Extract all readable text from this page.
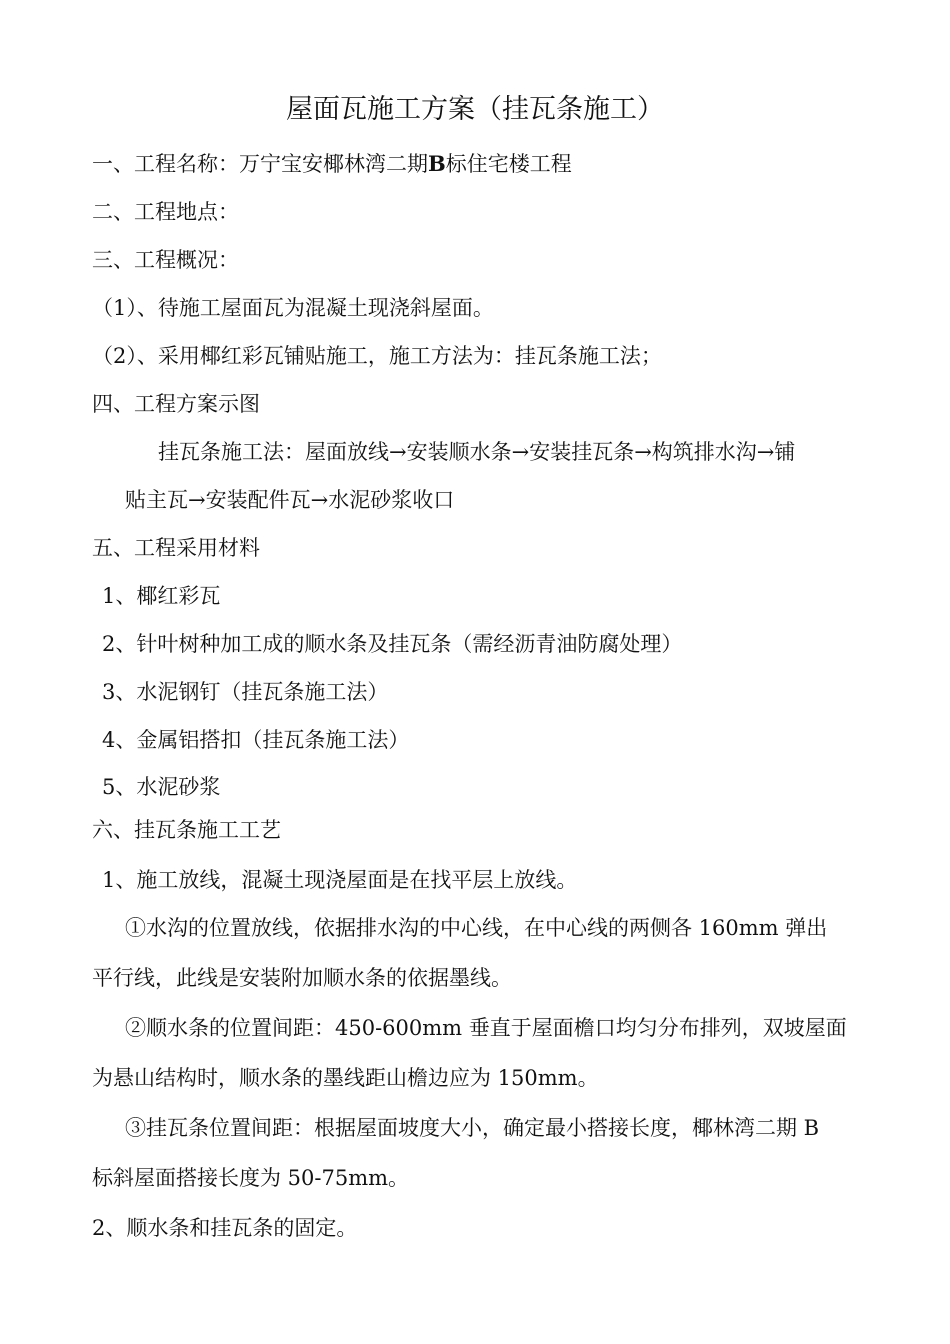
屋面瓦施工方案（挂瓦条施工）
一、工程名称：万宁宝安椰林湾二期B标住宅楼工程
二、工程地点：
三、工程概况：
（1）、待施工屋面瓦为混凝土现浇斜屋面。
（2）、采用椰红彩瓦铺贴施工，施工方法为：挂瓦条施工法；
四、工程方案示图
挂瓦条施工法：屋面放线→安装顺水条→安装挂瓦条→构筑排水沟→铺
贴主瓦→安装配件瓦→水泥砂浆收口
五、工程采用材料
1、椰红彩瓦
2、针叶树种加工成的顺水条及挂瓦条（需经沥青油防腐处理）
3、水泥钢钉（挂瓦条施工法）
4、金属铝搭扣（挂瓦条施工法）
5、水泥砂浆
六、挂瓦条施工工艺
1、施工放线，混凝土现浇屋面是在找平层上放线。
①水沟的位置放线，依据排水沟的中心线，在中心线的两侧各 160mm 弹出
平行线，此线是安装附加顺水条的依据墨线。
②顺水条的位置间距：450-600mm 垂直于屋面檐口均匀分布排列，双坡屋面
为悬山结构时，顺水条的墨线距山檐边应为 150mm。
③挂瓦条位置间距：根据屋面坡度大小，确定最小搭接长度，椰林湾二期 B
标斜屋面搭接长度为 50-75mm。
2、顺水条和挂瓦条的固定。
